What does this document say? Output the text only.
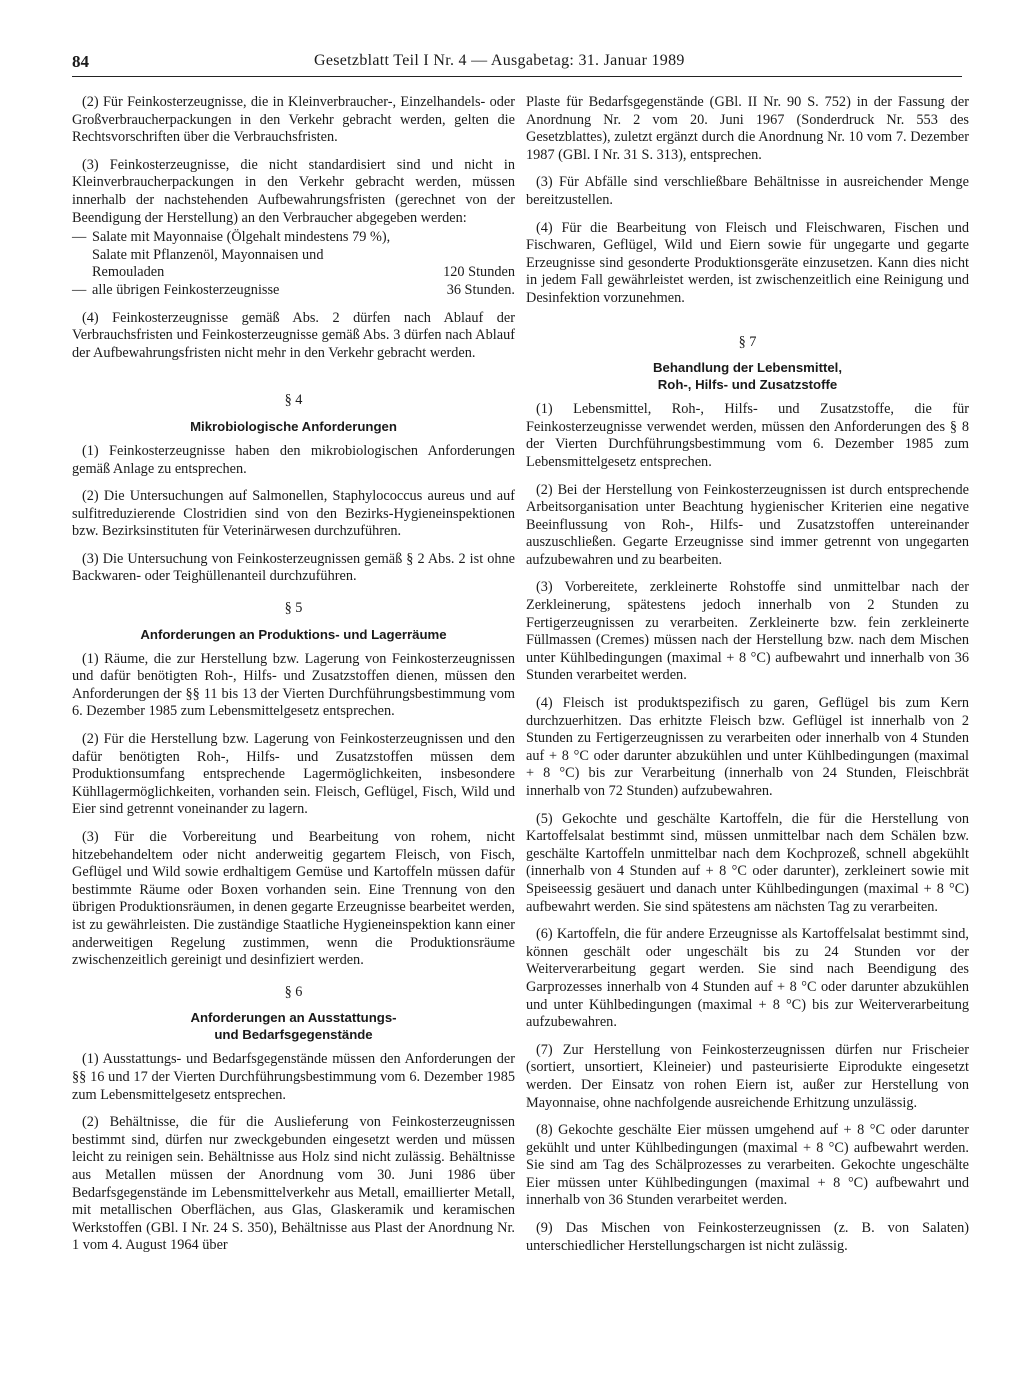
84	Gesetzblatt Teil I Nr. 4 — Ausgabetag: 31. Januar 1989

(2) Für Feinkosterzeugnisse, die in Kleinverbraucher-, Einzelhandels- oder Großverbraucherpackungen in den Verkehr gebracht werden, gelten die Rechtsvorschriften über die Verbrauchsfristen.

(3) Feinkosterzeugnisse, die nicht standardisiert sind und nicht in Kleinverbraucherpackungen in den Verkehr gebracht werden, müssen innerhalb der nachstehenden Aufbewahrungsfristen (gerechnet von der Beendigung der Herstellung) an den Verbraucher abgegeben werden:

— Salate mit Mayonnaise (Ölgehalt mindestens 79 %),
Salate mit Pflanzenöl, Mayonnaisen und
Remouladen	120 Stunden
— alle übrigen Feinkosterzeugnisse	36 Stunden.

(4) Feinkosterzeugnisse gemäß Abs. 2 dürfen nach Ablauf der Verbrauchsfristen und Feinkosterzeugnisse gemäß Abs. 3 dürfen nach Ablauf der Aufbewahrungsfristen nicht mehr in den Verkehr gebracht werden.

§ 4
Mikrobiologische Anforderungen

(1) Feinkosterzeugnisse haben den mikrobiologischen Anforderungen gemäß Anlage zu entsprechen.

(2) Die Untersuchungen auf Salmonellen, Staphylococcus aureus und auf sulfitreduzierende Clostridien sind von den Bezirks-Hygieneinspektionen bzw. Bezirksinstituten für Veterinärwesen durchzuführen.

(3) Die Untersuchung von Feinkosterzeugnissen gemäß § 2 Abs. 2 ist ohne Backwaren- oder Teighüllenanteil durchzuführen.

§ 5
Anforderungen an Produktions- und Lagerräume

(1) Räume, die zur Herstellung bzw. Lagerung von Feinkosterzeugnissen und dafür benötigten Roh-, Hilfs- und Zusatzstoffen dienen, müssen den Anforderungen der §§ 11 bis 13 der Vierten Durchführungsbestimmung vom 6. Dezember 1985 zum Lebensmittelgesetz entsprechen.

(2) Für die Herstellung bzw. Lagerung von Feinkosterzeugnissen und den dafür benötigten Roh-, Hilfs- und Zusatzstoffen müssen dem Produktionsumfang entsprechende Lagermöglichkeiten, insbesondere Kühllagermöglichkeiten, vorhanden sein. Fleisch, Geflügel, Fisch, Wild und Eier sind getrennt voneinander zu lagern.

(3) Für die Vorbereitung und Bearbeitung von rohem, nicht hitzebehandeltem oder nicht anderweitig gegartem Fleisch, von Fisch, Geflügel und Wild sowie erdhaltigem Gemüse und Kartoffeln müssen dafür bestimmte Räume oder Boxen vorhanden sein. Eine Trennung von den übrigen Produktionsräumen, in denen gegarte Erzeugnisse bearbeitet werden, ist zu gewährleisten. Die zuständige Staatliche Hygieneinspektion kann einer anderweitigen Regelung zustimmen, wenn die Produktionsräume zwischenzeitlich gereinigt und desinfiziert werden.

§ 6
Anforderungen an Ausstattungs-
und Bedarfsgegenstände

(1) Ausstattungs- und Bedarfsgegenstände müssen den Anforderungen der §§ 16 und 17 der Vierten Durchführungsbestimmung vom 6. Dezember 1985 zum Lebensmittelgesetz entsprechen.

(2) Behältnisse, die für die Auslieferung von Feinkosterzeugnissen bestimmt sind, dürfen nur zweckgebunden eingesetzt werden und müssen leicht zu reinigen sein. Behältnisse aus Holz sind nicht zulässig. Behältnisse aus Metallen müssen der Anordnung vom 30. Juni 1986 über Bedarfsgegenstände im Lebensmittelverkehr aus Metall, emaillierter Metall, mit metallischen Oberflächen, aus Glas, Glaskeramik und keramischen Werkstoffen (GBl. I Nr. 24 S. 350), Behältnisse aus Plast der Anordnung Nr. 1 vom 4. August 1964 über

Plaste für Bedarfsgegenstände (GBl. II Nr. 90 S. 752) in der Fassung der Anordnung Nr. 2 vom 20. Juni 1967 (Sonderdruck Nr. 553 des Gesetzblattes), zuletzt ergänzt durch die Anordnung Nr. 10 vom 7. Dezember 1987 (GBl. I Nr. 31 S. 313), entsprechen.

(3) Für Abfälle sind verschließbare Behältnisse in ausreichender Menge bereitzustellen.

(4) Für die Bearbeitung von Fleisch und Fleischwaren, Fischen und Fischwaren, Geflügel, Wild und Eiern sowie für ungegarte und gegarte Erzeugnisse sind gesonderte Produktionsgeräte einzusetzen. Kann dies nicht in jedem Fall gewährleistet werden, ist zwischenzeitlich eine Reinigung und Desinfektion vorzunehmen.

§ 7
Behandlung der Lebensmittel,
Roh-, Hilfs- und Zusatzstoffe

(1) Lebensmittel, Roh-, Hilfs- und Zusatzstoffe, die für Feinkosterzeugnisse verwendet werden, müssen den Anforderungen des § 8 der Vierten Durchführungsbestimmung vom 6. Dezember 1985 zum Lebensmittelgesetz entsprechen.

(2) Bei der Herstellung von Feinkosterzeugnissen ist durch entsprechende Arbeitsorganisation unter Beachtung hygienischer Kriterien eine negative Beeinflussung von Roh-, Hilfs- und Zusatzstoffen untereinander auszuschließen. Gegarte Erzeugnisse sind immer getrennt von ungegarten aufzubewahren und zu bearbeiten.

(3) Vorbereitete, zerkleinerte Rohstoffe sind unmittelbar nach der Zerkleinerung, spätestens jedoch innerhalb von 2 Stunden zu Fertigerzeugnissen zu verarbeiten. Zerkleinerte bzw. fein zerkleinerte Füllmassen (Cremes) müssen nach der Herstellung bzw. nach dem Mischen unter Kühlbedingungen (maximal + 8 °C) aufbewahrt und innerhalb von 36 Stunden verarbeitet werden.

(4) Fleisch ist produktspezifisch zu garen, Geflügel bis zum Kern durchzuerhitzen. Das erhitzte Fleisch bzw. Geflügel ist innerhalb von 2 Stunden zu Fertigerzeugnissen zu verarbeiten oder innerhalb von 4 Stunden auf + 8 °C oder darunter abzukühlen und unter Kühlbedingungen (maximal + 8 °C) bis zur Verarbeitung (innerhalb von 24 Stunden, Fleischbrät innerhalb von 72 Stunden) aufzubewahren.

(5) Gekochte und geschälte Kartoffeln, die für die Herstellung von Kartoffelsalat bestimmt sind, müssen unmittelbar nach dem Schälen bzw. geschälte Kartoffeln unmittelbar nach dem Kochprozeß, schnell abgekühlt (innerhalb von 4 Stunden auf + 8 °C oder darunter), zerkleinert sowie mit Speiseessig gesäuert und danach unter Kühlbedingungen (maximal + 8 °C) aufbewahrt werden. Sie sind spätestens am nächsten Tag zu verarbeiten.

(6) Kartoffeln, die für andere Erzeugnisse als Kartoffelsalat bestimmt sind, können geschält oder ungeschält bis zu 24 Stunden vor der Weiterverarbeitung gegart werden. Sie sind nach Beendigung des Garprozesses innerhalb von 4 Stunden auf + 8 °C oder darunter abzukühlen und unter Kühlbedingungen (maximal + 8 °C) bis zur Weiterverarbeitung aufzubewahren.

(7) Zur Herstellung von Feinkosterzeugnissen dürfen nur Frischeier (sortiert, unsortiert, Kleineier) und pasteurisierte Eiprodukte eingesetzt werden. Der Einsatz von rohen Eiern ist, außer zur Herstellung von Mayonnaise, ohne nachfolgende ausreichende Erhitzung unzulässig.

(8) Gekochte geschälte Eier müssen umgehend auf + 8 °C oder darunter gekühlt und unter Kühlbedingungen (maximal + 8 °C) aufbewahrt werden. Sie sind am Tag des Schälprozesses zu verarbeiten. Gekochte ungeschälte Eier müssen unter Kühlbedingungen (maximal + 8 °C) aufbewahrt und innerhalb von 36 Stunden verarbeitet werden.

(9) Das Mischen von Feinkosterzeugnissen (z. B. von Salaten) unterschiedlicher Herstellungschargen ist nicht zulässig.
